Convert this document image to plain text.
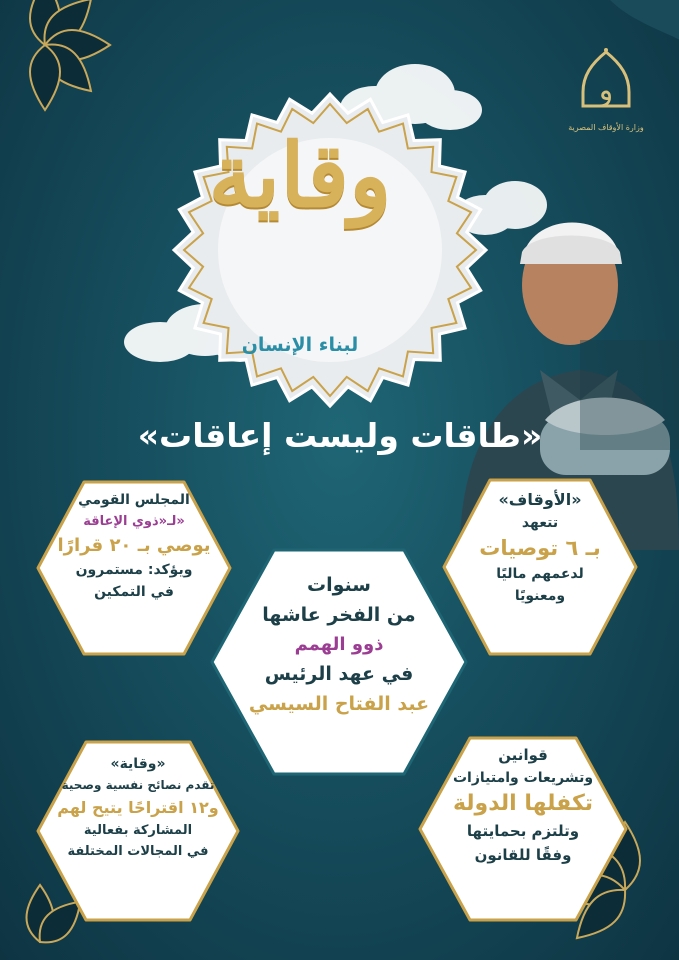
و
وزارة الأوقاف المصرية
وقاية
لبناء الإنسان
«طاقات وليست إعاقات»
المجلس القومي
لـ«ذوي الإعاقة»
يوصي بـ ٢٠ قرارًا
ويؤكد: مستمرون
في التمكين
«الأوقاف»
تتعهد
بـ ٦ توصيات
لدعمهم ماليًا
ومعنويًا
سنوات
من الفخر عاشها
ذوو الهمم
في عهد الرئيس
عبد الفتاح السيسي
«وقاية»
تقدم نصائح نفسية وصحية
و١٢ اقتراحًا يتيح لهم
المشاركة بفعالية
في المجالات المختلفة
قوانين
وتشريعات وامتيازات
تكفلها الدولة
وتلتزم بحمايتها
وفقًا للقانون
